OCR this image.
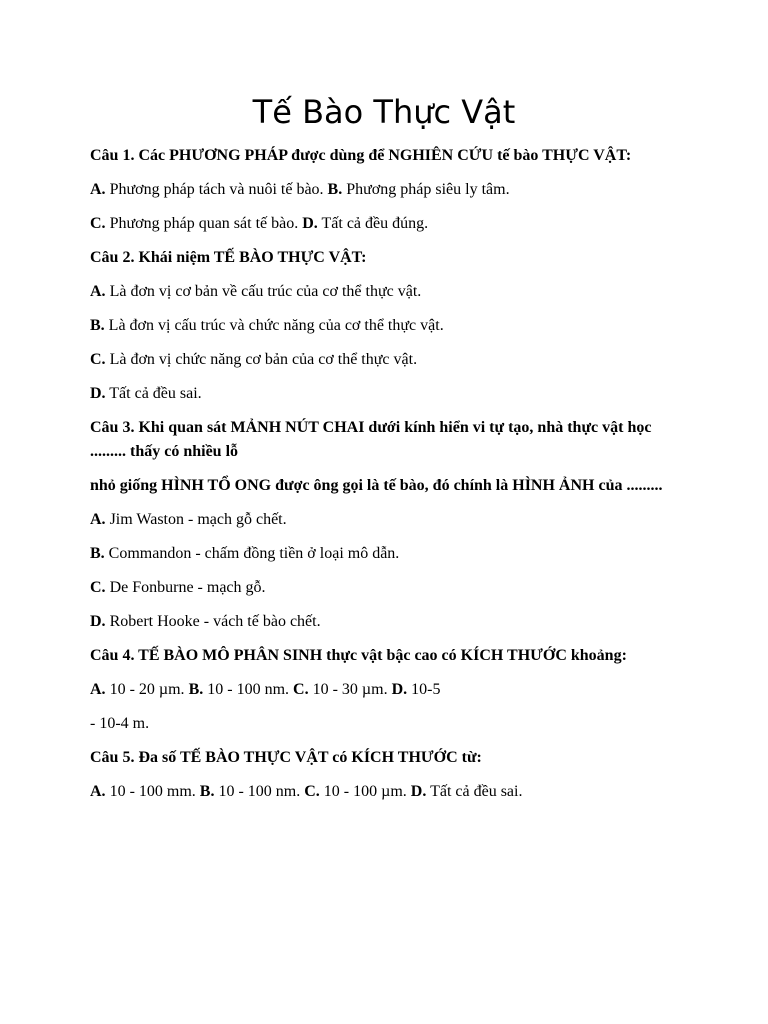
Tế Bào Thực Vật
Câu 1. Các PHƯƠNG PHÁP được dùng để NGHIÊN CỨU tế bào THỰC VẬT:
A. Phương pháp tách và nuôi tế bào. B. Phương pháp siêu ly tâm.
C. Phương pháp quan sát tế bào. D. Tất cả đều đúng.
Câu 2. Khái niệm TẾ BÀO THỰC VẬT:
A. Là đơn vị cơ bản về cấu trúc của cơ thể thực vật.
B. Là đơn vị cấu trúc và chức năng của cơ thể thực vật.
C. Là đơn vị chức năng cơ bản của cơ thể thực vật.
D. Tất cả đều sai.
Câu 3. Khi quan sát MẢNH NÚT CHAI dưới kính hiển vi tự tạo, nhà thực vật học ......... thấy có nhiều lỗ
nhỏ giống HÌNH TỔ ONG được ông gọi là tế bào, đó chính là HÌNH ẢNH của .........
A. Jim Waston - mạch gỗ chết.
B. Commandon - chấm đồng tiền ở loại mô dẫn.
C. De Fonburne - mạch gỗ.
D. Robert Hooke - vách tế bào chết.
Câu 4. TẾ BÀO MÔ PHÂN SINH thực vật bậc cao có KÍCH THƯỚC khoảng:
A. 10 - 20 µm. B. 10 - 100 nm. C. 10 - 30 µm. D. 10-5
- 10-4 m.
Câu 5. Đa số TẾ BÀO THỰC VẬT có KÍCH THƯỚC từ:
A. 10 - 100 mm. B. 10 - 100 nm. C. 10 - 100 µm. D. Tất cả đều sai.
